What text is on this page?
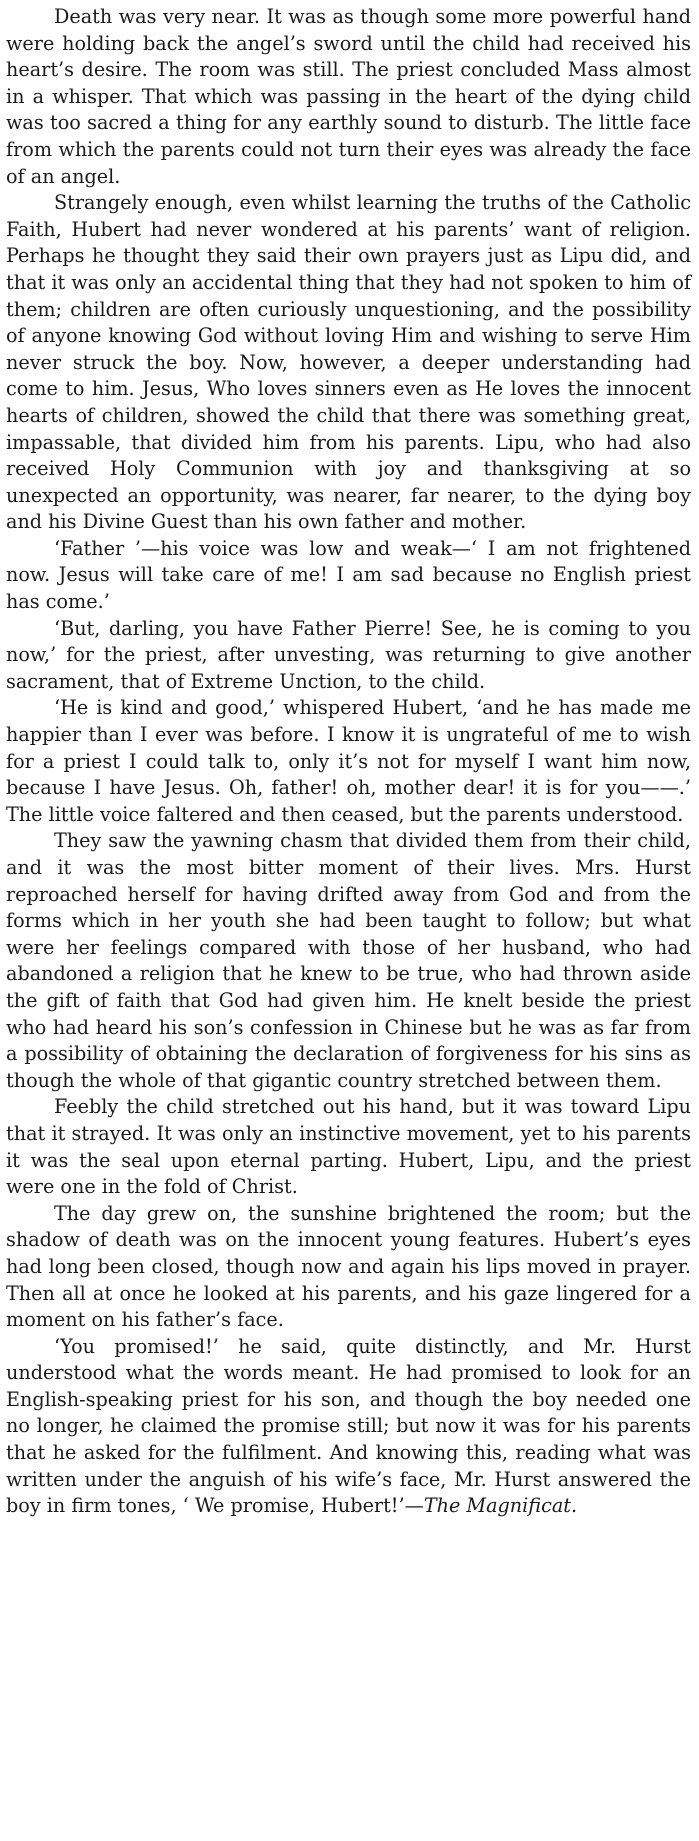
Death was very near. It was as though some more powerful hand were holding back the angel’s sword until the child had received his heart’s desire. The room was still. The priest concluded Mass almost in a whisper. That which was passing in the heart of the dying child was too sacred a thing for any earthly sound to disturb. The little face from which the parents could not turn their eyes was already the face of an angel.

Strangely enough, even whilst learning the truths of the Catholic Faith, Hubert had never wondered at his parents’ want of religion. Perhaps he thought they said their own prayers just as Lipu did, and that it was only an accidental thing that they had not spoken to him of them; children are often curiously unquestioning, and the possibility of anyone knowing God without loving Him and wishing to serve Him never struck the boy. Now, however, a deeper understanding had come to him. Jesus, Who loves sinners even as He loves the innocent hearts of children, showed the child that there was something great, impassable, that divided him from his parents. Lipu, who had also received Holy Communion with joy and thanksgiving at so unexpected an opportunity, was nearer, far nearer, to the dying boy and his Divine Guest than his own father and mother.

‘Father ’—his voice was low and weak—‘ I am not frightened now. Jesus will take care of me! I am sad because no English priest has come.’

‘But, darling, you have Father Pierre! See, he is coming to you now,’ for the priest, after unvesting, was returning to give another sacrament, that of Extreme Unction, to the child.

‘He is kind and good,’ whispered Hubert, ‘and he has made me happier than I ever was before. I know it is ungrateful of me to wish for a priest I could talk to, only it’s not for myself I want him now, because I have Jesus. Oh, father! oh, mother dear! it is for you——.’ The little voice faltered and then ceased, but the parents understood.

They saw the yawning chasm that divided them from their child, and it was the most bitter moment of their lives. Mrs. Hurst reproached herself for having drifted away from God and from the forms which in her youth she had been taught to follow; but what were her feelings compared with those of her husband, who had abandoned a religion that he knew to be true, who had thrown aside the gift of faith that God had given him. He knelt beside the priest who had heard his son’s confession in Chinese but he was as far from a possibility of obtaining the declaration of forgiveness for his sins as though the whole of that gigantic country stretched between them.

Feebly the child stretched out his hand, but it was toward Lipu that it strayed. It was only an instinctive movement, yet to his parents it was the seal upon eternal parting. Hubert, Lipu, and the priest were one in the fold of Christ.

The day grew on, the sunshine brightened the room; but the shadow of death was on the innocent young features. Hubert’s eyes had long been closed, though now and again his lips moved in prayer. Then all at once he looked at his parents, and his gaze lingered for a moment on his father’s face.

‘You promised!’ he said, quite distinctly, and Mr. Hurst understood what the words meant. He had promised to look for an English-speaking priest for his son, and though the boy needed one no longer, he claimed the promise still; but now it was for his parents that he asked for the fulfilment. And knowing this, reading what was written under the anguish of his wife’s face, Mr. Hurst answered the boy in firm tones, ‘ We promise, Hubert!’—The Magnificat.
